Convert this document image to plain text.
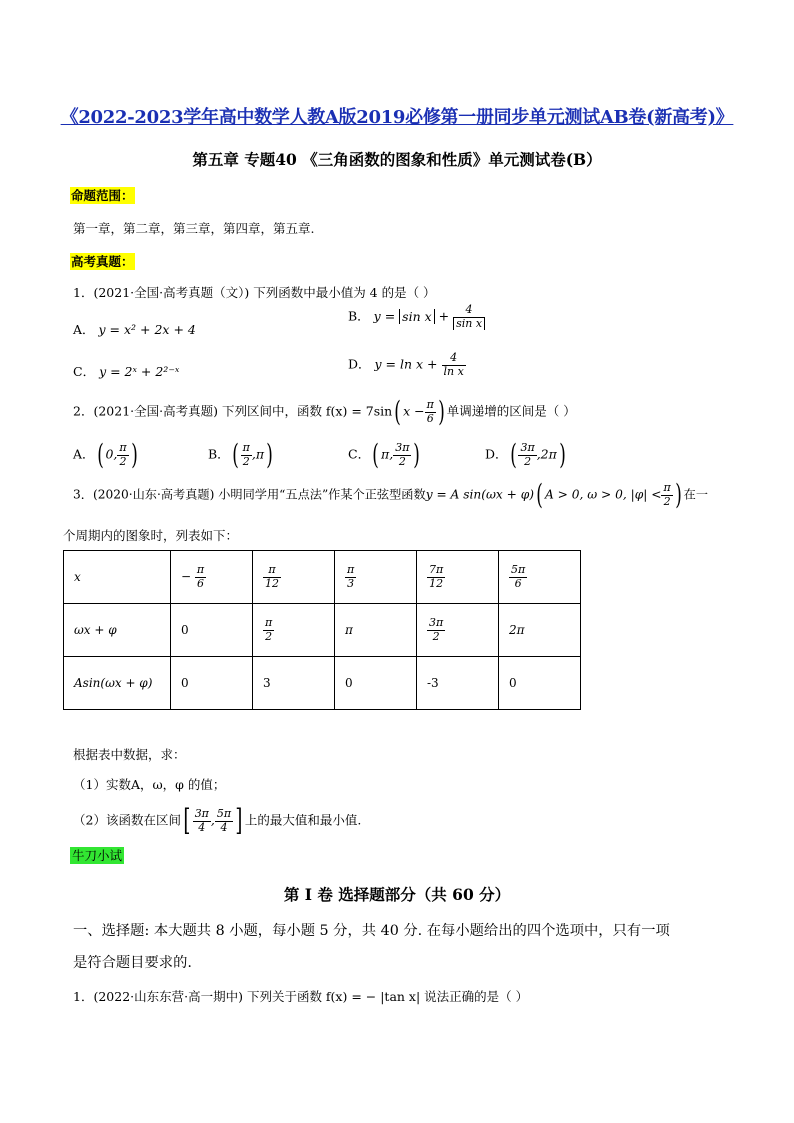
《2022-2023学年高中数学人教A版2019必修第一册同步单元测试AB卷(新高考)》
第五章 专题40 《三角函数的图象和性质》单元测试卷(B）
命题范围：
第一章，第二章，第三章，第四章，第五章.
高考真题：
1．(2021·全国·高考真题（文）) 下列函数中最小值为 4 的是（ ）
A． y = x² + 2x + 4
B． $y = \sin x + \frac{4}{\text{sin x}}$
C． y = 2ˣ + 2²⁻ˣ	D． $y = \ln x + \frac{4}{\text{ln x}}$
2．(2021·全国·高考真题) 下列区间中，函数 f(x) = 7sin( $x - \frac{\pi}{6}$ ) 单调递增的区间是（ ）
A．( 0, $\frac{\pi}{2}$ )	B．( $\frac{\pi}{2} ,\pi$)	C．( π, $\frac{3\pi}{2}$ )	D．( $\frac{3\pi}{2} ,2\pi$)
3．(2020·山东·高考真题) 小明同学用“五点法”作某个正弦型函数y = A sin(ωx + φ)( A > 0, ω > 0, $|\varphi| < \frac{\pi}{2}$ ) 在一
个周期内的图象时，列表如下：
x	− $\frac{\pi}{6}$	$\frac{\pi}{12}$	$\frac{\pi}{3}$	$\frac{7\pi}{12}$	$\frac{5\pi}{6}$

ωx + φ	0	$\frac{\pi}{2}$	π	$\frac{3\pi}{2}$	2π
Asin(ωx + φ)	0	3	0	-3	0
根据表中数据，求：
（1）实数A，ω，φ 的值；
（2）该函数在区间[ $\frac{3\pi}{4}$ , $\frac{5\pi}{4}$ ] 上的最大值和最小值.
牛刀小试
第 I 卷 选择题部分（共 60 分）
一、选择题: 本大题共 8 小题，每小题 5 分，共 40 分. 在每小题给出的四个选项中，只有一项
是符合题目要求的.
1．(2022·山东东营·高一期中) 下列关于函数 f(x) = − |tan x| 说法正确的是（ ）
